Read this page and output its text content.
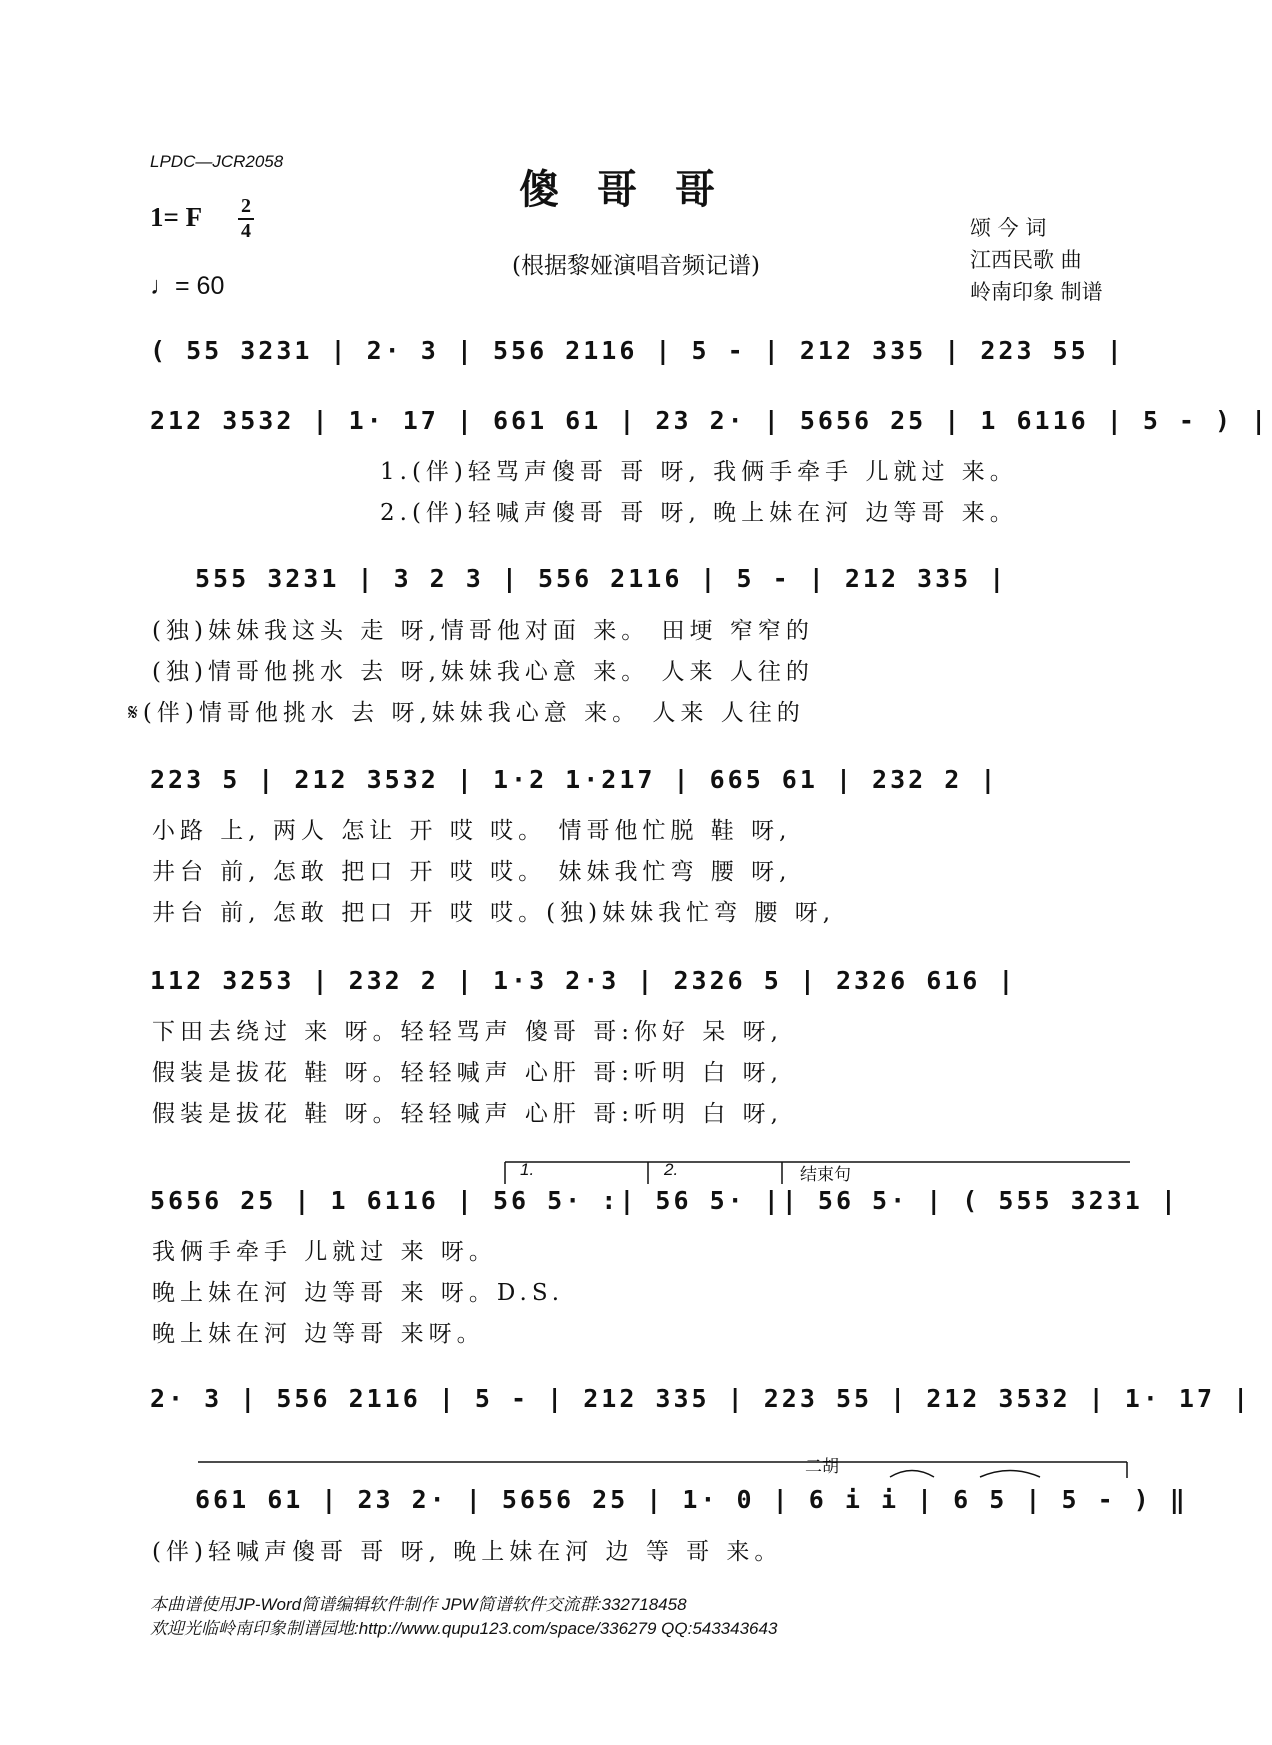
LPDC—JCR2058
傻哥哥
1= F 2
4
♩= 60
(根据黎娅演唱音频记谱)
颂 今 词
江西民歌 曲
岭南印象 制谱
( 55 3231 | 2· 3 | 556 2116 | 5 - | 212 335 | 223 55 |
212 3532 | 1· 17 | 661 61 | 23 2· | 5656 25 | 1 6116 | 5 - ) |
1.(伴)轻骂声傻哥 哥 呀, 我俩手牵手 儿就过 来。
2.(伴)轻喊声傻哥 哥 呀, 晚上妹在河 边等哥 来。
555 3231 | 3 2 3 | 556 2116 | 5 - | 212 335 |
(独)妹妹我这头 走 呀,情哥他对面 来。 田埂 窄窄的
(独)情哥他挑水 去 呀,妹妹我心意 来。 人来 人往的
𝄋(伴)情哥他挑水 去 呀,妹妹我心意 来。 人来 人往的
223 5 | 212 3532 | 1·2 1·217 | 665 61 | 232 2 |
小路 上, 两人 怎让 开 哎 哎。 情哥他忙脱 鞋 呀,
井台 前, 怎敢 把口 开 哎 哎。 妹妹我忙弯 腰 呀,
井台 前, 怎敢 把口 开 哎 哎。(独)妹妹我忙弯 腰 呀,
112 3253 | 232 2 | 1·3 2·3 | 2326 5 | 2326 616 |
下田去绕过 来 呀。轻轻骂声 傻哥 哥:你好 呆 呀,
假装是拔花 鞋 呀。轻轻喊声 心肝 哥:听明 白 呀,
假装是拔花 鞋 呀。轻轻喊声 心肝 哥:听明 白 呀,
1.	2.	结束句
5656 25 | 1 6116 | 56 5· :| 56 5· || 56 5· | ( 555 3231 |
我俩手牵手 儿就过 来 呀。
晚上妹在河 边等哥 来 呀。D.S.
晚上妹在河 边等哥 来呀。
2· 3 | 556 2116 | 5 - | 212 335 | 223 55 | 212 3532 | 1· 17 |
二胡
661 61 | 23 2· | 5656 25 | 1· 0 | 6 i i | 6 5 | 5 - ) ‖
(伴)轻喊声傻哥 哥 呀, 晚上妹在河 边 等 哥 来。
本曲谱使用JP-Word简谱编辑软件制作 JPW简谱软件交流群:332718458
欢迎光临岭南印象制谱园地:http://www.qupu123.com/space/336279 QQ:543343643
